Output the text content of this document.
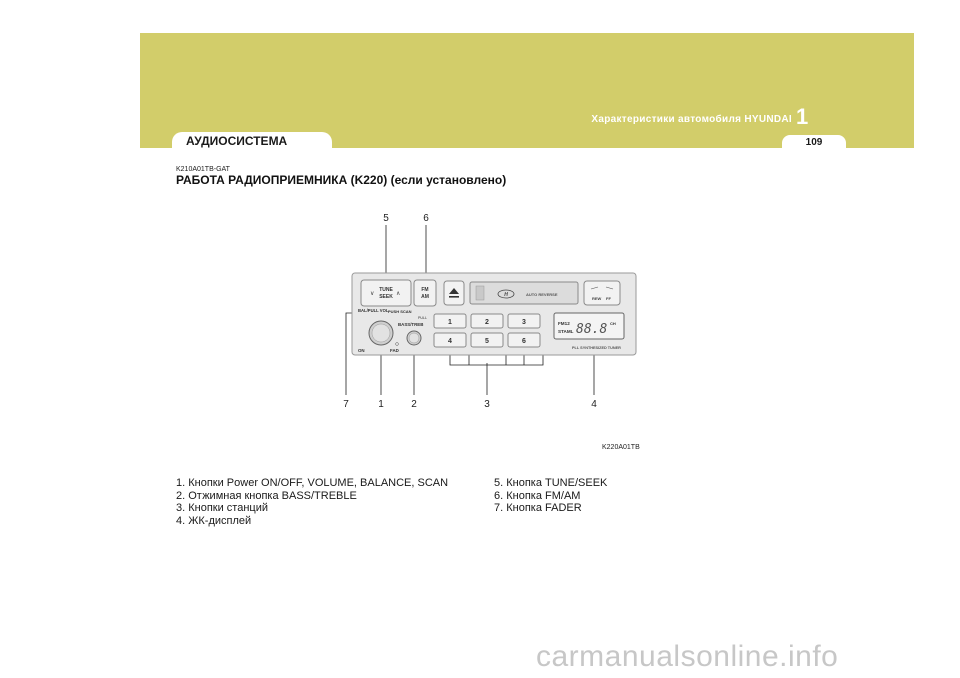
Характеристики автомобиля HYUNDAI 1
АУДИОСИСТЕМА	109
K210A01TB-GAT
РАБОТА РАДИОПРИЕМНИКА (K220) (если установлено)
∨	∧
TUNE
SEEK
FM
AM	H	AUTO REVERSE
REW FF
BAL/PULL VOL PUSH SCAN
PULL
BASS/TREB
ON	FAD
1	2	3
4	5	6
FM12
STAML 88.8 CH
PLL SYNTHESIZED TUNER
5	6
7	1	2	3	4
K220A01TB
1. Кнопки Power ON/OFF, VOLUME, BALANCE, SCAN
2. Отжимная кнопка BASS/TREBLE
3. Кнопки станций
4. ЖК-дисплей
5. Кнопка TUNE/SEEK
6. Кнопка FM/AM
7. Кнопка FADER
carmanualsonline.info
